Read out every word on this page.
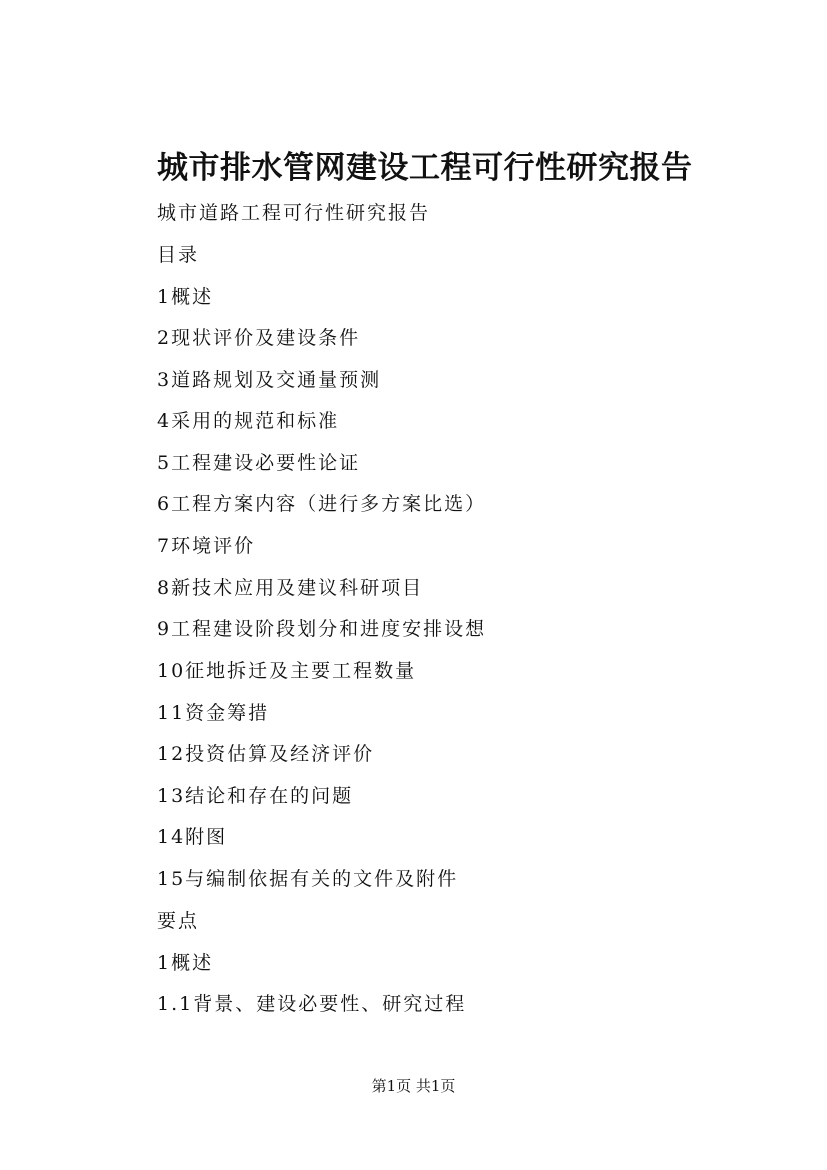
城市排水管网建设工程可行性研究报告
城市道路工程可行性研究报告
目录
1概述
2现状评价及建设条件
3道路规划及交通量预测
4采用的规范和标准
5工程建设必要性论证
6工程方案内容（进行多方案比选）
7环境评价
8新技术应用及建议科研项目
9工程建设阶段划分和进度安排设想
10征地拆迁及主要工程数量
11资金筹措
12投资估算及经济评价
13结论和存在的问题
14附图
15与编制依据有关的文件及附件
要点
1概述
1.1背景、建设必要性、研究过程
第1页 共1页
